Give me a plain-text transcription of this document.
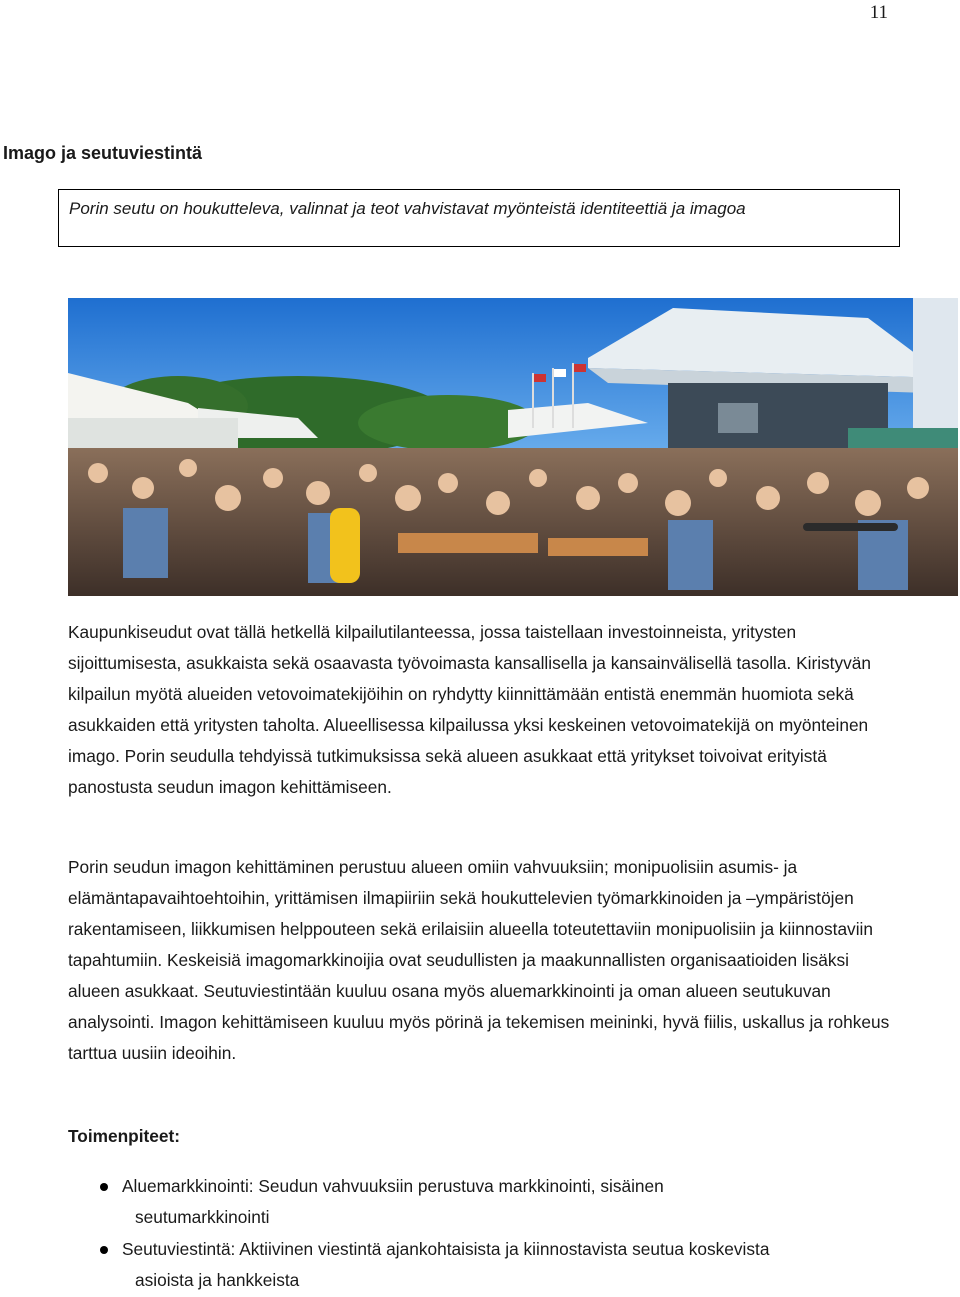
11
Imago ja seutuviestintä
Porin seutu on houkutteleva, valinnat ja teot vahvistavat myönteistä identiteettiä ja imagoa

Kaupunkiseudut ovat tällä hetkellä kilpailutilanteessa, jossa taistellaan investoinneista, yritysten sijoittumisesta, asukkaista sekä osaavasta työvoimasta kansallisella ja kansainvälisellä tasolla. Kiristyvän kilpailun myötä alueiden vetovoimatekijöihin on ryhdytty kiinnittämään entistä enemmän huomiota sekä asukkaiden että yritysten taholta. Alueellisessa kilpailussa yksi keskeinen vetovoimatekijä on myönteinen imago. Porin seudulla tehdyissä tutkimuksissa sekä alueen asukkaat että yritykset toivoivat erityistä panostusta seudun imagon kehittämiseen.

Porin seudun imagon kehittäminen perustuu alueen omiin vahvuuksiin; monipuolisiin asumis- ja elämäntapavaihtoehtoihin, yrittämisen ilmapiiriin sekä houkuttelevien työmarkkinoiden ja –ympäristöjen rakentamiseen, liikkumisen helppouteen sekä erilaisiin alueella toteutettaviin monipuolisiin ja kiinnostaviin tapahtumiin. Keskeisiä imagomarkkinoijia ovat seudullisten ja maakunnallisten organisaatioiden lisäksi alueen asukkaat. Seutuviestintään kuuluu osana myös aluemarkkinointi ja oman alueen seutukuvan analysointi. Imagon kehittämiseen kuuluu myös pörinä ja tekemisen meininki, hyvä fiilis, uskallus ja rohkeus tarttua uusiin ideoihin.

Toimenpiteet:
Aluemarkkinointi: Seudun vahvuuksiin perustuva markkinointi, sisäinen
seutumarkkinointi
Seutuviestintä: Aktiivinen viestintä ajankohtaisista ja kiinnostavista seutua koskevista
asioista ja hankkeista
